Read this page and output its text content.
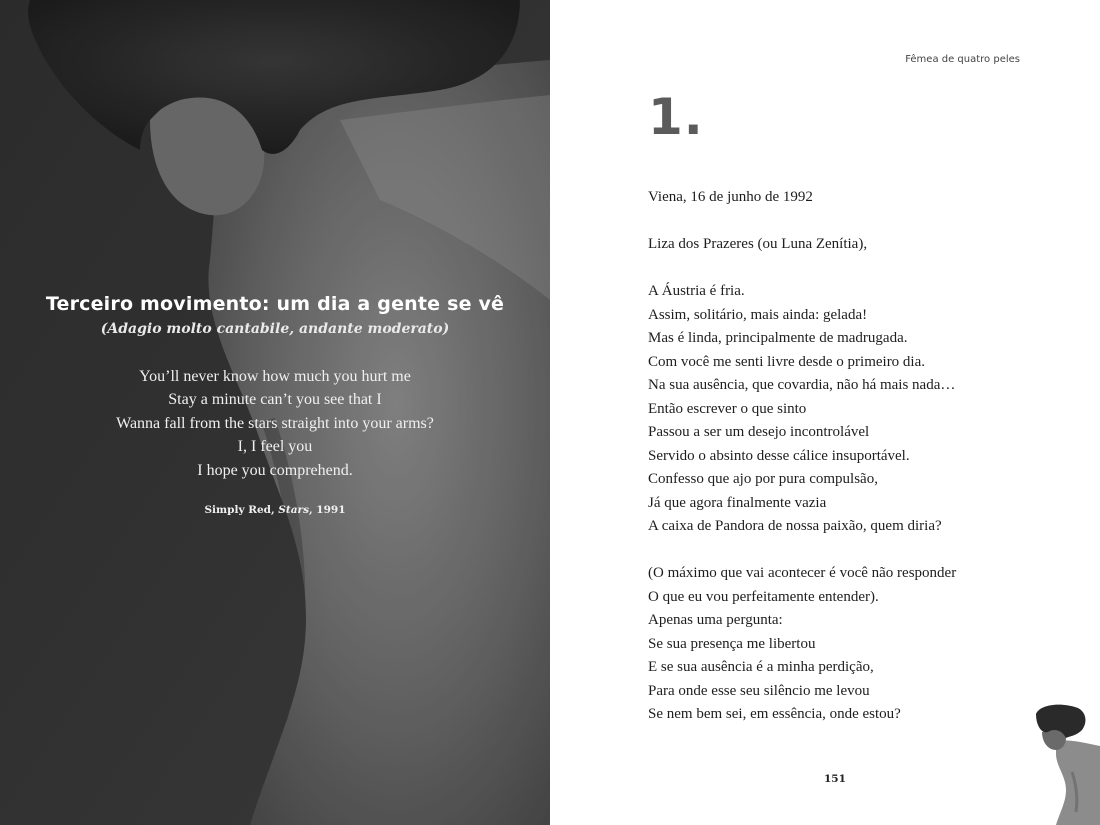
Terceiro movimento: um dia a gente se vê

(Adagio molto cantabile, andante moderato)

You’ll never know how much you hurt me
Stay a minute can’t you see that I
Wanna fall from the stars straight into your arms?
I, I feel you
I hope you comprehend.
Simply Red, Stars, 1991
Fêmea de quatro peles
1.
Viena, 16 de junho de 1992
Liza dos Prazeres (ou Luna Zenítia),
A Áustria é fria.
Assim, solitário, mais ainda: gelada!
Mas é linda, principalmente de madrugada.
Com você me senti livre desde o primeiro dia.
Na sua ausência, que covardia, não há mais nada…
Então escrever o que sinto
Passou a ser um desejo incontrolável
Servido o absinto desse cálice insuportável.
Confesso que ajo por pura compulsão,
Já que agora finalmente vazia
A caixa de Pandora de nossa paixão, quem diria?
(O máximo que vai acontecer é você não responder
O que eu vou perfeitamente entender).
Apenas uma pergunta:
Se sua presença me libertou
E se sua ausência é a minha perdição,
Para onde esse seu silêncio me levou
Se nem bem sei, em essência, onde estou?
151
